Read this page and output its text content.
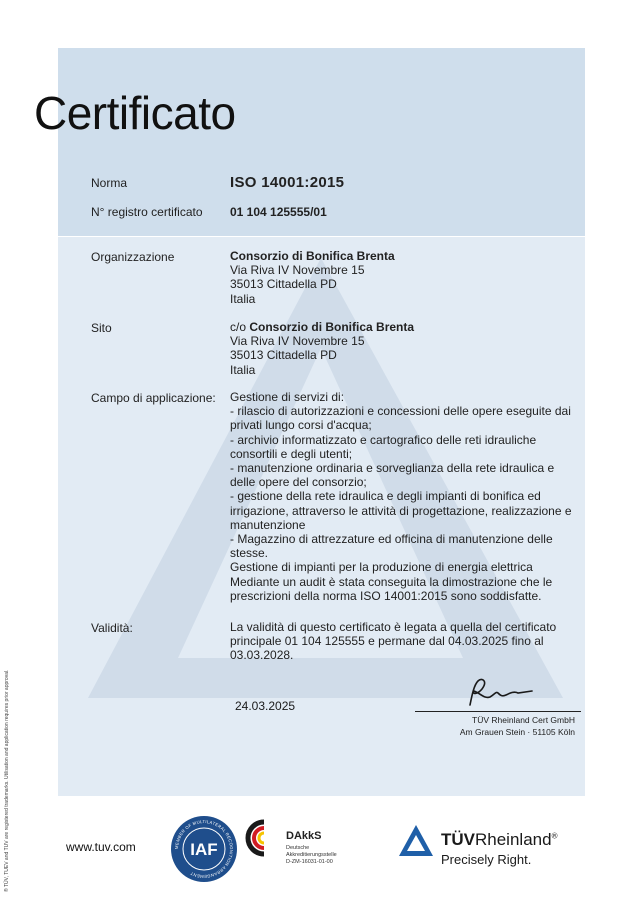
Certificato
Norma	ISO 14001:2015
N° registro certificato 01 104 125555/01
Organizzazione	Consorzio di Bonifica Brenta
Via Riva IV Novembre 15
35013 Cittadella PD
Italia
Sito	c/o Consorzio di Bonifica Brenta
Via Riva IV Novembre 15
35013 Cittadella PD
Italia
Campo di applicazione: Gestione di servizi di:
- rilascio di autorizzazioni e concessioni delle opere eseguite dai
privati lungo corsi d'acqua;
- archivio informatizzato e cartografico delle reti idrauliche
consortili e degli utenti;
- manutenzione ordinaria e sorveglianza della rete idraulica e
delle opere del consorzio;
- gestione della rete idraulica e degli impianti di bonifica ed
irrigazione, attraverso le attività di progettazione, realizzazione e
manutenzione
- Magazzino di attrezzature ed officina di manutenzione delle
stesse.
Gestione di impianti per la produzione di energia elettrica
Mediante un audit è stata conseguita la dimostrazione che le
prescrizioni della norma ISO 14001:2015 sono soddisfatte.
Validità:	La validità di questo certificato è legata a quella del certificato
principale 01 104 125555 e permane dal 04.03.2025 fino al
03.03.2028.
24.03.2025
TÜV Rheinland Cert GmbH
Am Grauen Stein · 51105 Köln
® TÜV, TUEV and TUV are registered trademarks. Utilisation and application requires prior approval.	www.tuv.com	MEMBER OF MULTILATERAL RECOGNITION ARRANGEMENT
IAF
DAkkS
Deutsche
Akkreditierungsstelle
D-ZM-16031-01-00
TÜVRheinland®
Precisely Right.
